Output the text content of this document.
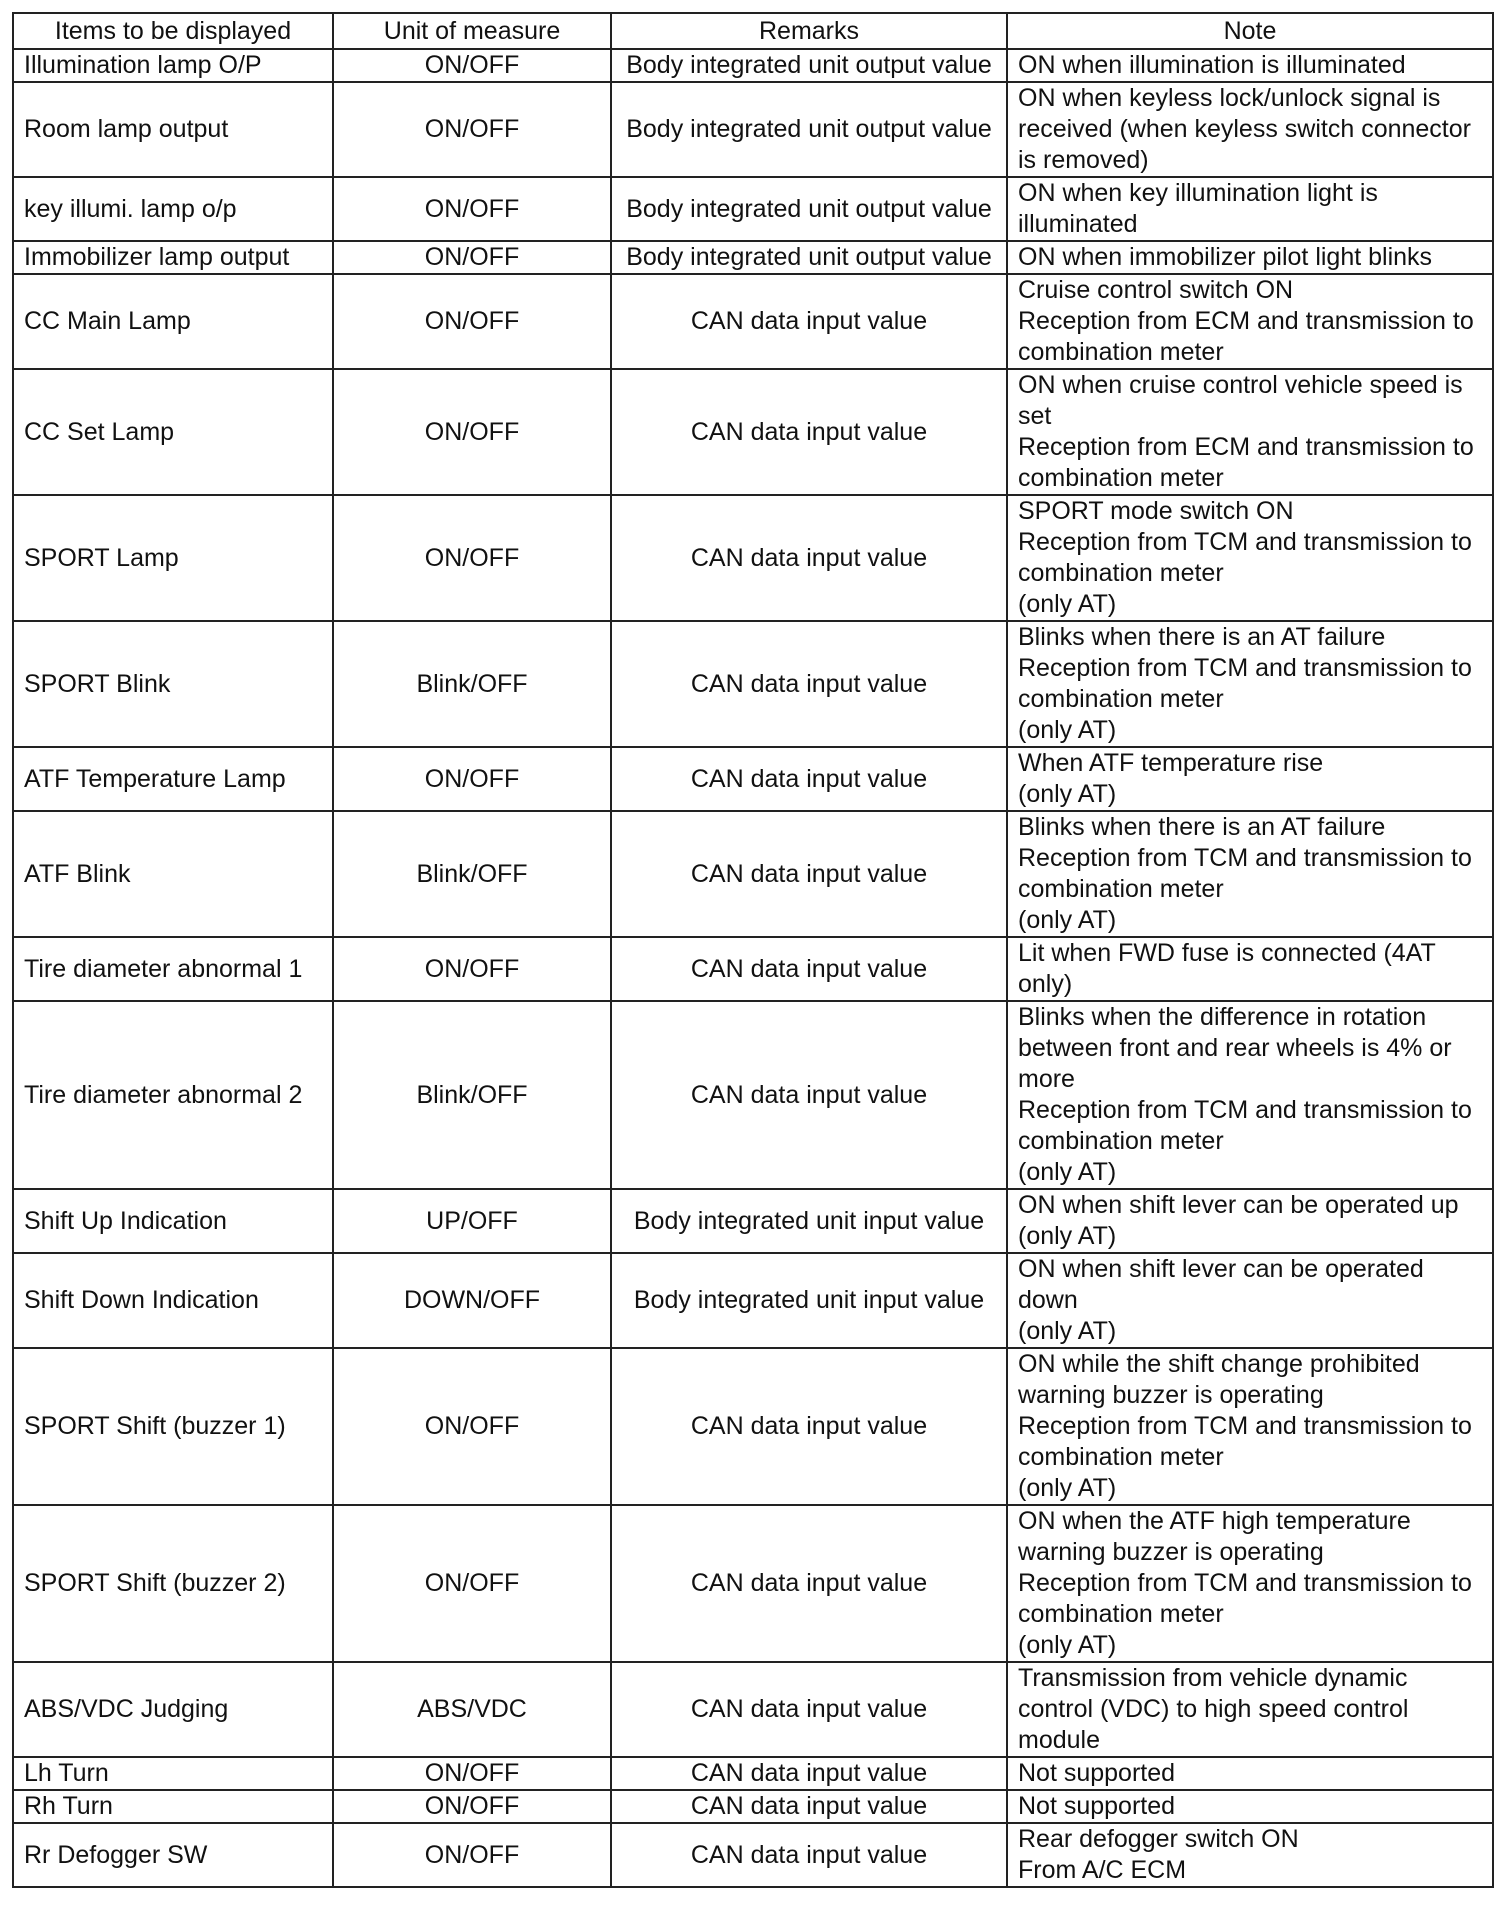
Items to be displayed	Unit of measure	Remarks	Note
Illumination lamp O/P	ON/OFF	Body integrated unit output value	ON when illumination is illuminated
Room lamp output	ON/OFF	Body integrated unit output value	ON when keyless lock/unlock signal is received (when keyless switch connector is removed)
key illumi. lamp o/p	ON/OFF	Body integrated unit output value	ON when key illumination light is illuminated
Immobilizer lamp output	ON/OFF	Body integrated unit output value	ON when immobilizer pilot light blinks
CC Main Lamp	ON/OFF	CAN data input value	Cruise control switch ON
Reception from ECM and transmission to combination meter
CC Set Lamp	ON/OFF	CAN data input value	ON when cruise control vehicle speed is set
Reception from ECM and transmission to combination meter
SPORT Lamp	ON/OFF	CAN data input value	SPORT mode switch ON
Reception from TCM and transmission to combination meter
(only AT)
SPORT Blink	Blink/OFF	CAN data input value	Blinks when there is an AT failure
Reception from TCM and transmission to combination meter
(only AT)
ATF Temperature Lamp	ON/OFF	CAN data input value	When ATF temperature rise
(only AT)
ATF Blink	Blink/OFF	CAN data input value	Blinks when there is an AT failure
Reception from TCM and transmission to combination meter
(only AT)
Tire diameter abnormal 1	ON/OFF	CAN data input value	Lit when FWD fuse is connected (4AT only)
Tire diameter abnormal 2	Blink/OFF	CAN data input value	Blinks when the difference in rotation between front and rear wheels is 4% or more
Reception from TCM and transmission to combination meter
(only AT)
Shift Up Indication	UP/OFF	Body integrated unit input value	ON when shift lever can be operated up
(only AT)
Shift Down Indication	DOWN/OFF	Body integrated unit input value	ON when shift lever can be operated down
(only AT)
SPORT Shift (buzzer 1)	ON/OFF	CAN data input value	ON while the shift change prohibited warning buzzer is operating
Reception from TCM and transmission to combination meter
(only AT)
SPORT Shift (buzzer 2)	ON/OFF	CAN data input value	ON when the ATF high temperature warning buzzer is operating
Reception from TCM and transmission to combination meter
(only AT)
ABS/VDC Judging	ABS/VDC	CAN data input value	Transmission from vehicle dynamic control (VDC) to high speed control module
Lh Turn	ON/OFF	CAN data input value	Not supported
Rh Turn	ON/OFF	CAN data input value	Not supported
Rr Defogger SW	ON/OFF	CAN data input value	Rear defogger switch ON
From A/C ECM
